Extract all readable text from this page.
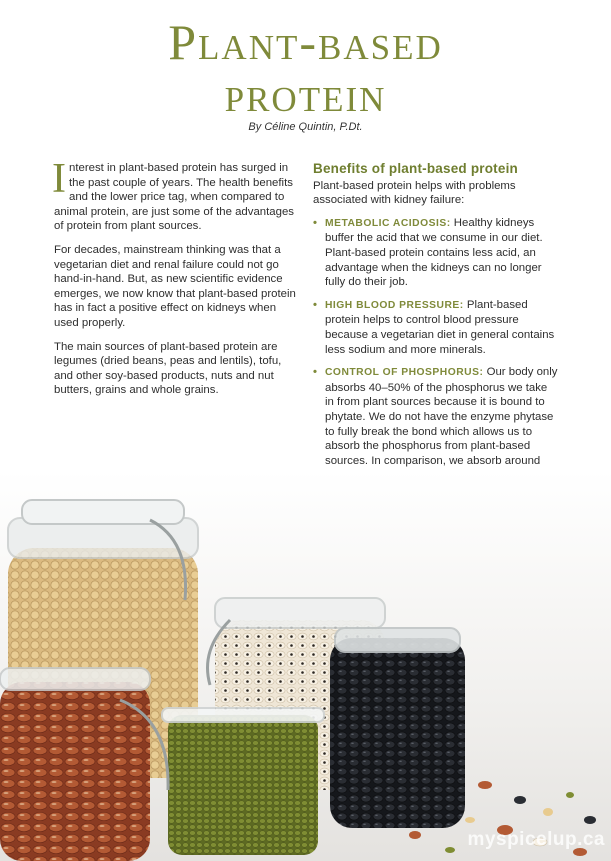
Plant-based
protein
By Céline Quintin, P.Dt.

I nterest in plant-based protein has surged in the past couple of years. The health benefits and the lower price tag, when compared to animal protein, are just some of the advantages of protein from plant sources.

For decades, mainstream thinking was that a vegetarian diet and renal failure could not go hand-in-hand. But, as new scientific evidence emerges, we now know that plant-based protein has in fact a positive effect on kidneys when used properly.

The main sources of plant-based protein are legumes (dried beans, peas and lentils), tofu, and other soy-based products, nuts and nut butters, grains and whole grains.

Benefits of plant-based protein
Plant-based protein helps with problems associated with kidney failure:
• METABOLIC ACIDOSIS: Healthy kidneys buffer the acid that we consume in our diet. Plant-based protein contains less acid, an advantage when the kidneys can no longer fully do their job.
• HIGH BLOOD PRESSURE: Plant-based protein helps to control blood pressure because a vegetarian diet in general contains less sodium and more minerals.
• CONTROL OF PHOSPHORUS: Our body only absorbs 40–50% of the phosphorus we take in from plant sources because it is bound to phytate. We do not have the enzyme phytase to fully break the bond which allows us to absorb the phosphorus from plant-based sources. In comparison, we absorb around
myspicelup.ca
